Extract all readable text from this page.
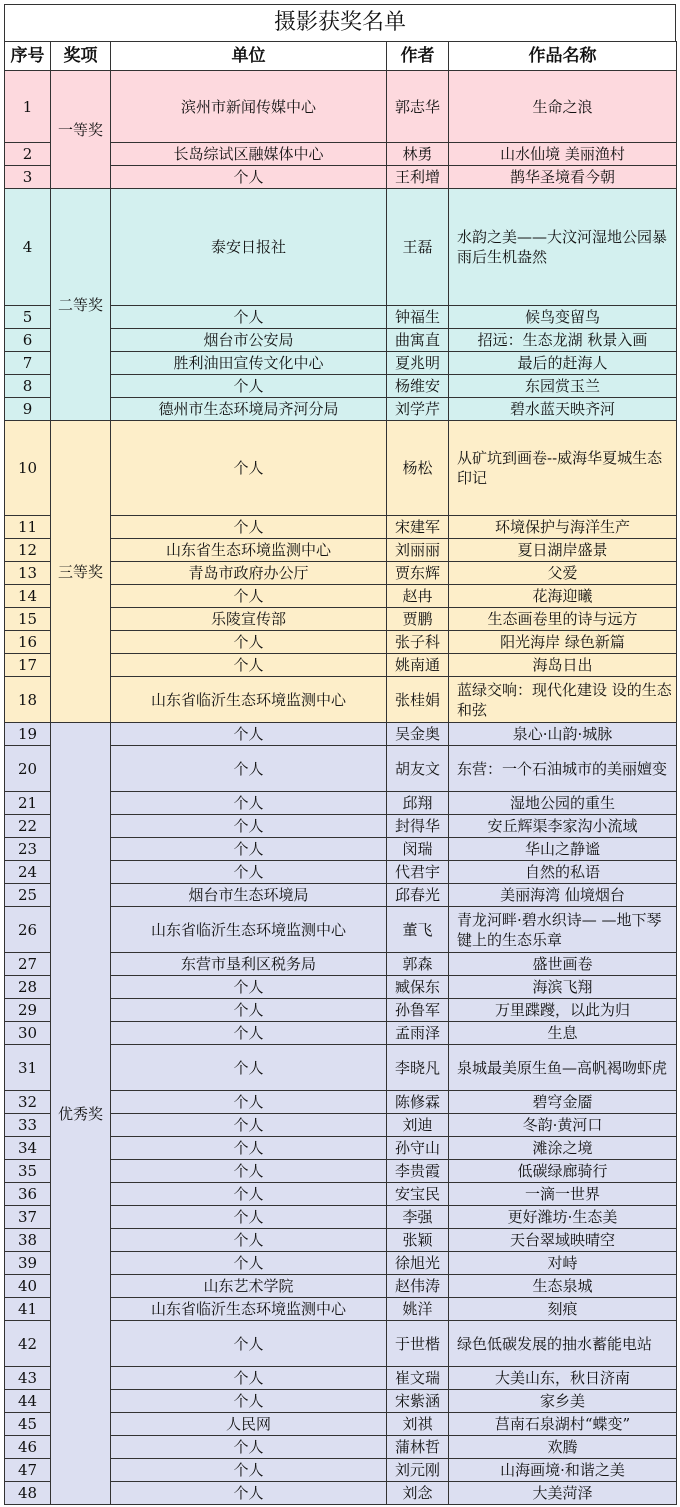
摄影获奖名单
序号	奖项	单位	作者	作品名称
1	一等奖	滨州市新闻传媒中心	郭志华	生命之浪
2		长岛综试区融媒体中心	林勇	山水仙境 美丽渔村
3		个人	王利增	鹊华圣境看今朝
4	二等奖	泰安日报社	王磊	水韵之美——大汶河湿地公园暴雨后生机盎然
5		个人	钟福生	候鸟变留鸟
6		烟台市公安局	曲寓直	招远：生态龙湖 秋景入画
7		胜利油田宣传文化中心	夏兆明	最后的赶海人
8		个人	杨维安	东园赏玉兰
9		德州市生态环境局齐河分局	刘学芹	碧水蓝天映齐河
10	三等奖	个人	杨松	从矿坑到画卷--威海华夏城生态印记
11		个人	宋建军	环境保护与海洋生产
12		山东省生态环境监测中心	刘丽丽	夏日湖岸盛景
13		青岛市政府办公厅	贾东辉	父爱
14		个人	赵冉	花海迎曦
15		乐陵宣传部	贾鹏	生态画卷里的诗与远方
16		个人	张子科	阳光海岸 绿色新篇
17		个人	姚南通	海岛日出
18		山东省临沂生态环境监测中心	张桂娟	蓝绿交响：现代化建设 设的生态和弦
19	优秀奖	个人	吴金奥	泉心·山韵·城脉
20		个人	胡友文	东营：一个石油城市的美丽嬗变
21		个人	邱翔	湿地公园的重生
22		个人	封得华	安丘辉渠李家沟小流域
23		个人	闵瑞	华山之静谧
24		个人	代君宇	自然的私语
25		烟台市生态环境局	邱春光	美丽海湾 仙境烟台
26		山东省临沂生态环境监测中心	董飞	青龙河畔·碧水织诗— —地下琴键上的生态乐章
27		东营市垦利区税务局	郭森	盛世画卷
28		个人	臧保东	海滨飞翔
29		个人	孙鲁军	万里蹀躞，以此为归
30		个人	孟雨泽	生息
31		个人	李晓凡	泉城最美原生鱼—高帆褐吻虾虎
32		个人	陈修霖	碧穹金靥
33		个人	刘迪	冬韵·黄河口
34		个人	孙守山	滩涂之境
35		个人	李贵霞	低碳绿廊骑行
36		个人	安宝民	一滴一世界
37		个人	李强	更好潍坊·生态美
38		个人	张颖	天台翠域映晴空
39		个人	徐旭光	对峙
40		山东艺术学院	赵伟涛	生态泉城
41		山东省临沂生态环境监测中心	姚洋	刻痕
42		个人	于世楷	绿色低碳发展的抽水蓄能电站
43		个人	崔文瑞	大美山东，秋日济南
44		个人	宋紫涵	家乡美
45		人民网	刘祺	莒南石泉湖村“蝶变”
46		个人	蒲林哲	欢腾
47		个人	刘元刚	山海画境·和谐之美
48		个人	刘念	大美菏泽
